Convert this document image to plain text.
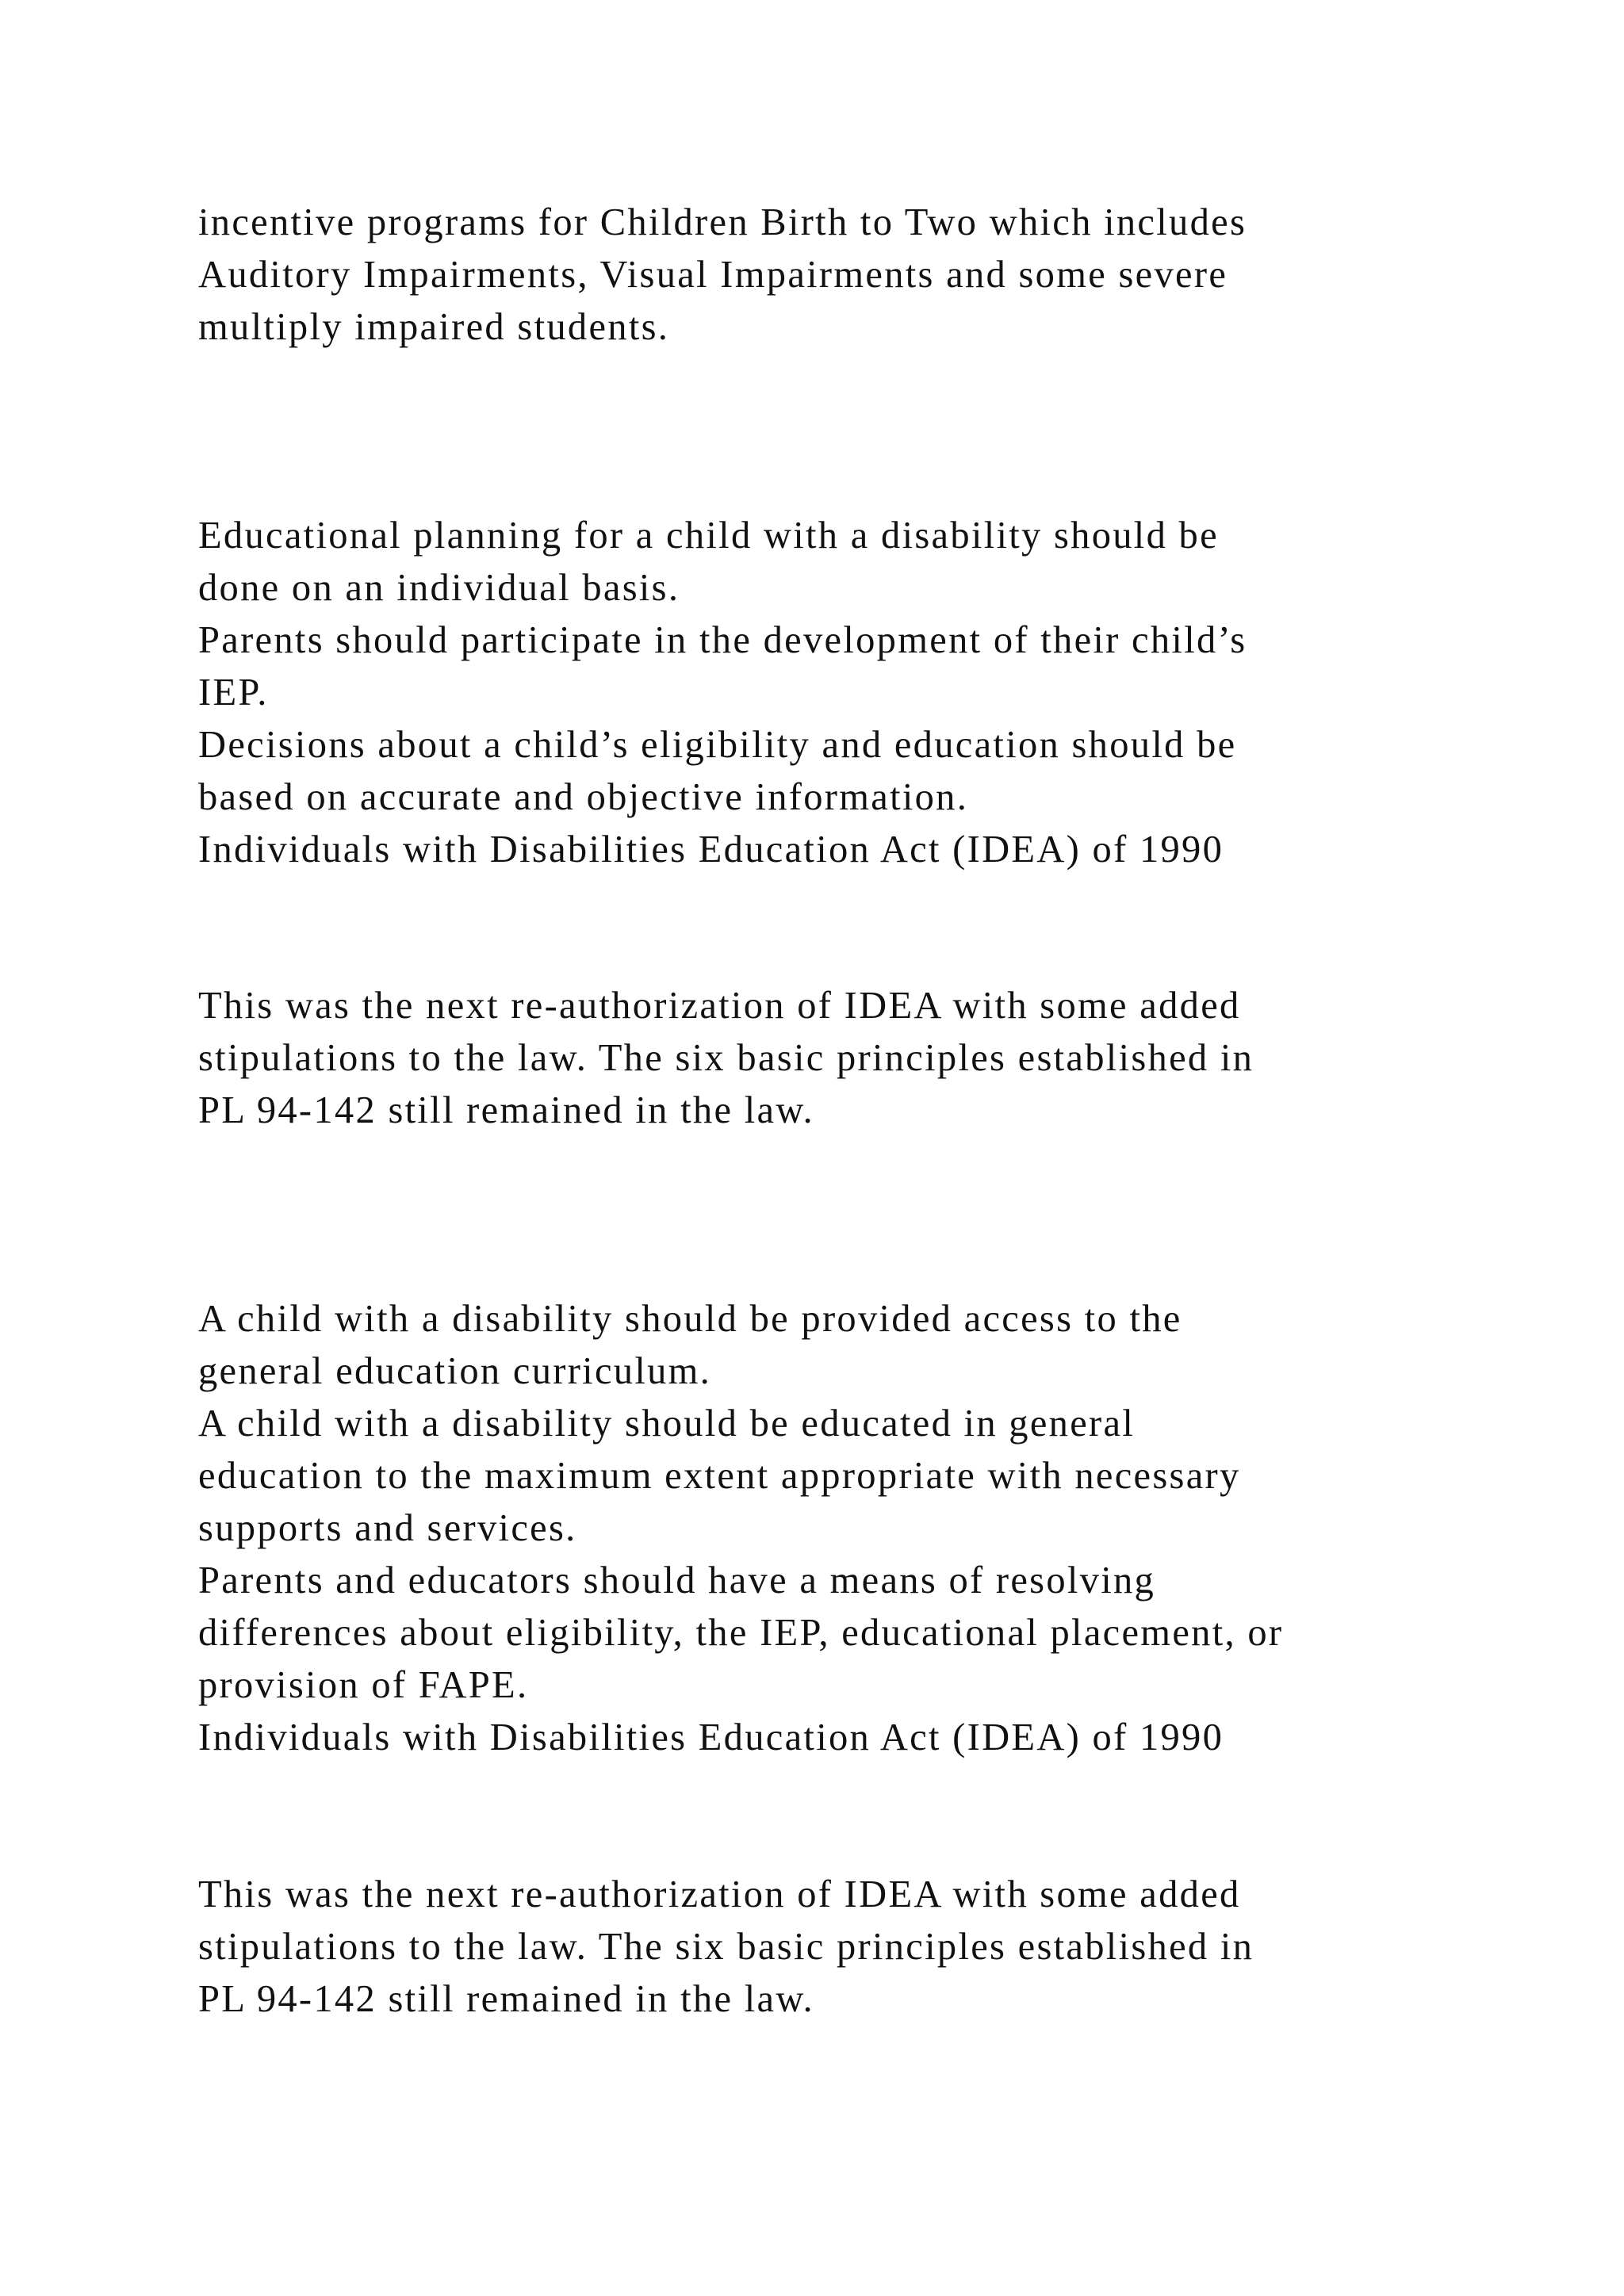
incentive programs for Children Birth to Two which includes
Auditory Impairments, Visual Impairments and some severe
multiply impaired students.
Educational planning for a child with a disability should be
done on an individual basis.
Parents should participate in the development of their child’s
IEP.
Decisions about a child’s eligibility and education should be
based on accurate and objective information.
Individuals with Disabilities Education Act (IDEA) of 1990
This was the next re-authorization of IDEA with some added
stipulations to the law. The six basic principles established in
PL 94-142 still remained in the law.
A child with a disability should be provided access to the
general education curriculum.
A child with a disability should be educated in general
education to the maximum extent appropriate with necessary
supports and services.
Parents and educators should have a means of resolving
differences about eligibility, the IEP, educational placement, or
provision of FAPE.
Individuals with Disabilities Education Act (IDEA) of 1990
This was the next re-authorization of IDEA with some added
stipulations to the law. The six basic principles established in
PL 94-142 still remained in the law.
